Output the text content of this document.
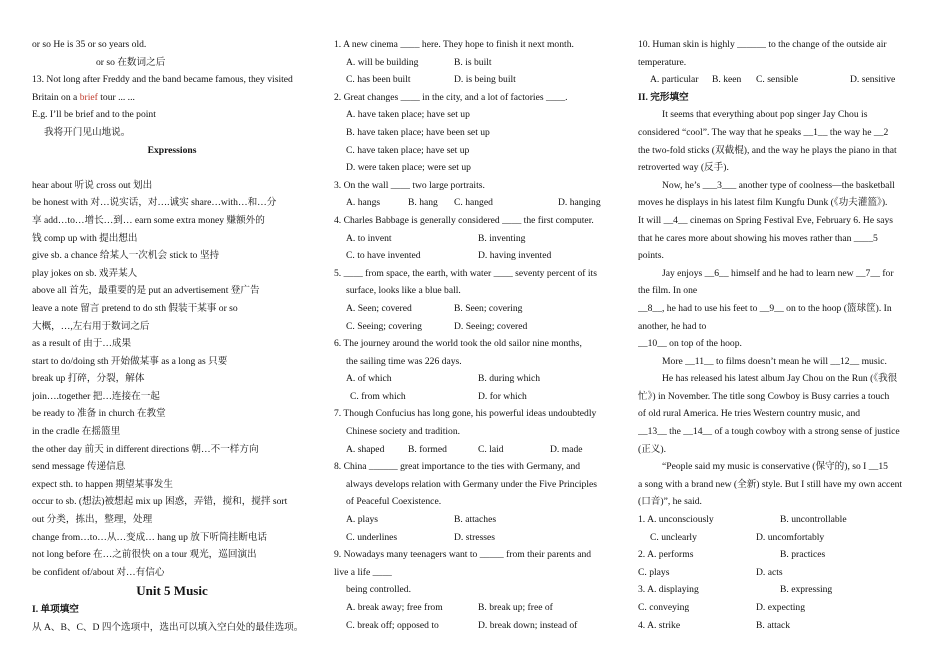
or so He is 35 or so years old.
or so 在数词之后
13. Not long after Freddy and the band became famous, they visited
Britain on a brief tour ... ...
E.g. I’ll be brief and to the point
我将开门见山地说。
Expressions
hear about 听说 cross out 划出
be honest with 对…说实话，对….诚实 share…with…和…分
享 add…to…增长…到… earn some extra money 赚额外的
钱 comp up with 提出想出
give sb. a chance 给某人一次机会 stick to 坚持
play jokes on sb. 戏弄某人
above all 首先，最重要的是 put an advertisement 登广告
leave a note 留言 pretend to do sth 假装干某事 or so
大概，…,左右用于数词之后
as a result of 由于…成果
start to do/doing sth 开始做某事 as a long as 只要
break up 打碎，分裂，解体
join….together 把…连接在一起
be ready to 准备 in church 在教堂
in the cradle 在摇篮里
the other day 前天 in different directions 朝…不一样方向
send message 传递信息
expect sth. to happen 期望某事发生
occur to sb. (想法)被想起 mix up 困惑，弄错，搅和，搅拌 sort
out 分类，拣出，整理，处理
change from…to…从…变成… hang up 放下听筒挂断电话
not long before 在…之前很快 on a tour 观光，巡回演出
be confident of/about 对…有信心
Unit 5 Music
I. 单项填空
从 A、B、C、D 四个选项中，选出可以填入空白处的最佳选项。
1. A new cinema ____ here. They hope to finish it next month.
A. will be building	B. is built
C. has been built	D. is being built
2. Great changes ____ in the city, and a lot of factories ____.
A. have taken place; have set up
B. have taken place; have been set up
C. have taken place; have set up
D. were taken place; were set up
3. On the wall ____ two large portraits.
A. hangs	B. hang C. hanged	D. hanging
4. Charles Babbage is generally considered ____ the first computer.
A. to invent	B. inventing
C. to have invented	D. having invented
5. ____ from space, the earth, with water ____ seventy percent of its
surface, looks like a blue ball.
A. Seen; covered	B. Seen; covering
C. Seeing; covering	D. Seeing; covered
6. The journey around the world took the old sailor nine months,
the sailing time was 226 days.
A. of which	B. during which
C. from which	D. for which
7. Though Confucius has long gone, his powerful ideas undoubtedly
Chinese society and tradition.
A. shaped B. formed	C. laid	D. made
8. China ______ great importance to the ties with Germany, and
always develops relation with Germany under the Five Principles
of Peaceful Coexistence.
A. plays	B. attaches
C. underlines	D. stresses
9. Nowadays many teenagers want to _____ from their parents and
live a life ____
being controlled.
A. break away; free from	B. break up; free of
C. break off; opposed to	D. break down; instead of
10. Human skin is highly ______ to the change of the outside air
temperature.
A. particular B. keen C. sensible	D. sensitive
II. 完形填空
It seems that everything about pop singer Jay Chou is
considered “cool”. The way that he speaks __1__ the way he __2
the two-fold sticks (双截棍), and the way he plays the piano in that
retroverted way (反手).
Now, he’s ___3___ another type of coolness—the basketball
moves he displays in his latest film Kungfu Dunk (《功夫灌篮》).
It will __4__ cinemas on Spring Festival Eve, February 6. He says
that he cares more about showing his moves rather than ____5
points.
Jay enjoys __6__ himself and he had to learn new __7__ for
the film. In one
__8__, he had to use his feet to __9__ on to the hoop (篮球筐). In
another, he had to
__10__ on top of the hoop.
More __11__ to films doesn’t mean he will __12__ music.
He has released his latest album Jay Chou on the Run (《我很
忙》) in November. The title song Cowboy is Busy carries a touch
of old rural America. He tries Western country music, and
__13__ the __14__ of a tough cowboy with a strong sense of justice
(正义).
“People said my music is conservative (保守的), so I __15
a song with a brand new (全新) style. But I still have my own accent
(口音)”, he said.
1. A. unconsciously	B. uncontrollable
C. unclearly	D. uncomfortably
2. A. performs	B. practices
C. plays	D. acts
3. A. displaying	B. expressing
C. conveying	D. expecting
4. A. strike	B. attack
